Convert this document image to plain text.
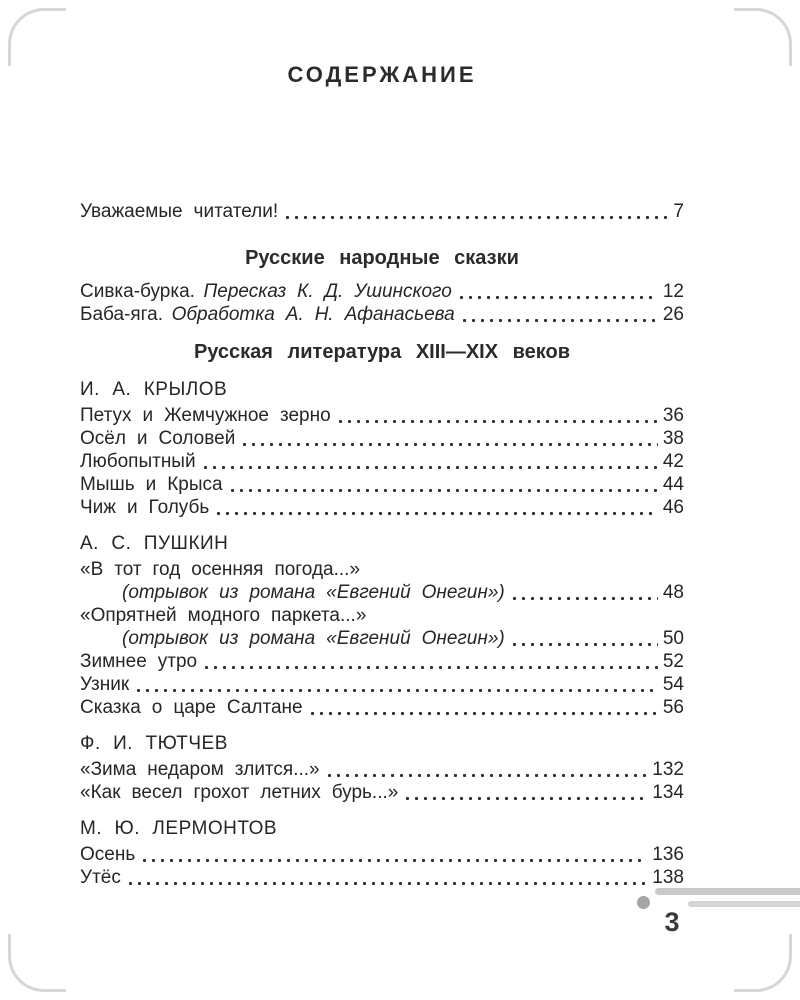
СОДЕРЖАНИЕ
Уважаемые читатели!	7
Русские народные сказки
Сивка-бурка. Пересказ К. Д. Ушинского	12
Баба-яга. Обработка А. Н. Афанасьева	26
Русская литература XIII—XIX веков
И. А. КРЫЛОВ
Петух и Жемчужное зерно	36
Осёл и Соловей	38
Любопытный	42
Мышь и Крыса	44
Чиж и Голубь	46
А. С. ПУШКИН
«В тот год осенняя погода...»
(отрывок из романа «Евгений Онегин»)	48
«Опрятней модного паркета...»
(отрывок из романа «Евгений Онегин»)	50
Зимнее утро	52
Узник	54
Сказка о царе Салтане	56
Ф. И. ТЮТЧЕВ
«Зима недаром злится...»	132
«Как весел грохот летних бурь...»	134
М. Ю. ЛЕРМОНТОВ
Осень	136
Утёс	138
3
